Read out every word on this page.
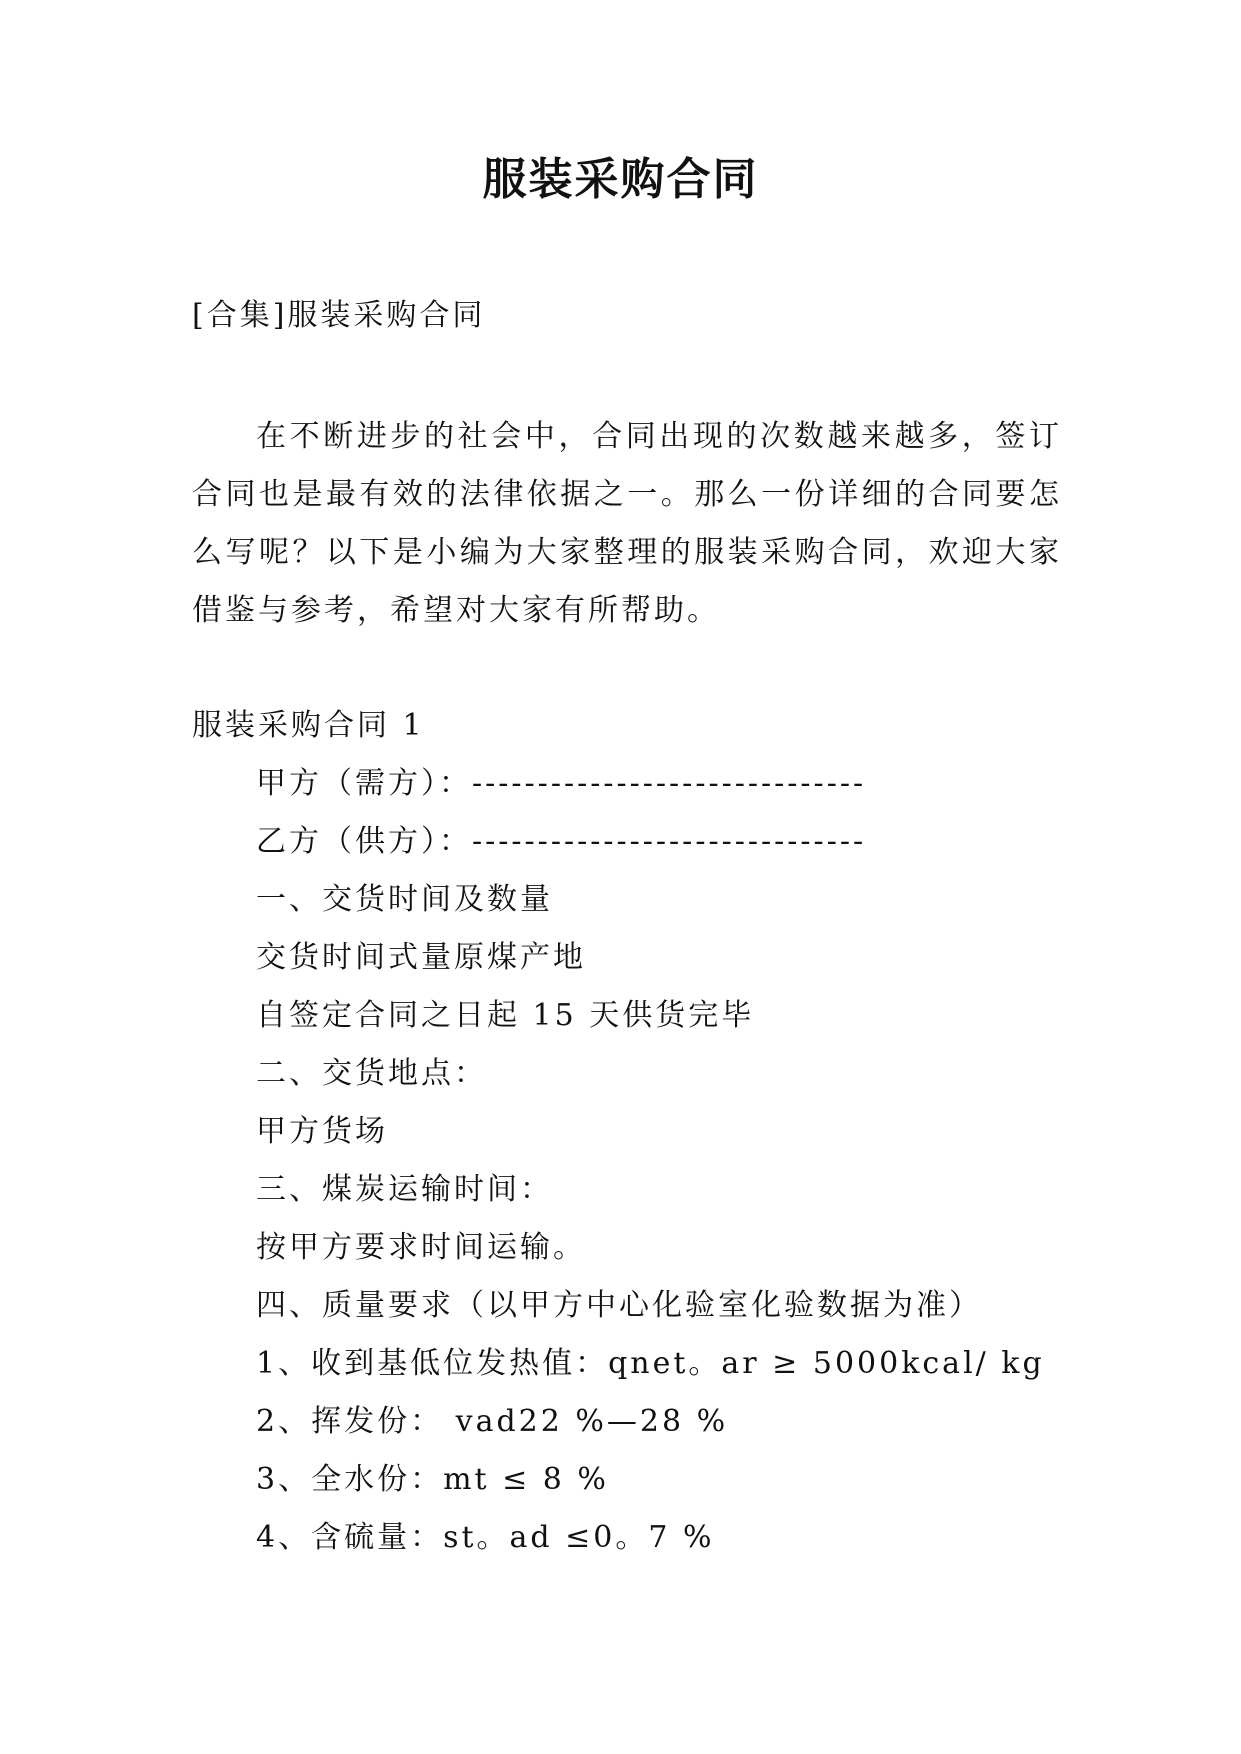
服装采购合同
[合集]服装采购合同
在不断进步的社会中，合同出现的次数越来越多，签订合同也是最有效的法律依据之一。那么一份详细的合同要怎么写呢？以下是小编为大家整理的服装采购合同，欢迎大家借鉴与参考，希望对大家有所帮助。
服装采购合同 1
甲方（需方）：------------------------------
乙方（供方）：------------------------------
一、交货时间及数量
交货时间式量原煤产地
自签定合同之日起 15 天供货完毕
二、交货地点：
甲方货场
三、煤炭运输时间：
按甲方要求时间运输。
四、质量要求（以甲方中心化验室化验数据为准）
1、收到基低位发热值：qnet。ar ≥ 5000kcal/ kg
2、挥发份： vad22 %—28 %
3、全水份：mt ≤ 8 %
4、含硫量：st。ad ≤0。7 %
